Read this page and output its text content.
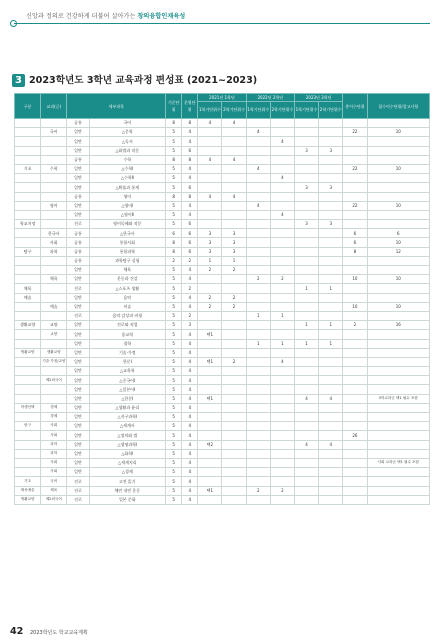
신앙과 정의로 건강하게 더불어 살아가는 창의융합인재육성
3 2023학년도 3학년 교육과정 편성표 (2021~2023)
구분	교과(군)	세부과목		기준단위	운영단위	2021년 1학년		2022년 2학년		2023년 3학년		총이수단위	필수이수단위/참고사항
						1학기단위수	2학기단위수	1학기단위수	2학기단위수	1학기단위수	2학기단위수		
		공통	국어	8	8	4	4						
	국어	일반	△문학	5	4			4				22	10
		일반	△독서	5	4				4				
		일반	△화법과 작문	5	6					3	3		
		공통	수학	8	8	4	4						
기초	수학	일반	△수학Ⅰ	5	4			4				22	10
		일반	△수학Ⅱ	5	4				4				
		일반	△확률과 통계	5	6					3	3		
		공통	영어	8	8	4	4						
	영어	일반	△영어Ⅰ	5	4			4				22	10
		일반	△영어Ⅱ	5	4				4				
학교지정		진로	영어독해와 작문	5	6					3	3		
	한국사	공통	△한국사	6	6	3	3					6	6
	사회	공통	통합사회	8	6	3	3					6	10
탐구	과학	공통	통합과학	8	6	3	3					8	12
		공통	과학탐구 실험	2	2	1	1						
		일반	체육	5	4	2	2						
	체육	일반	운동과 건강	5	4			2	2			10	10
체육		진로	△스포츠 생활	5	2					1	1		
예술		일반	음악	5	4	2	2						
	예술	일반	미술	5	4	2	2					10	10
		진로	음악 감상과 비평	5	2			1	1				
생활교양	교양	일반	진로와 직업	5	3					1	1	2	16
	교양	일반	종교학	5	4	택1							
		일반	철학	5	4			1	1	1	1		
생활교양	생활교양	일반	기술·가정	5	4								
	기술·가정/교양	일반	한문Ⅰ	5	4	택1	2		4				
		일반	△교육학	5	4								
	제2외국어	일반	△중국어Ⅰ	5	4								
		일반	△일본어Ⅰ	5	4								
		일반	△한문Ⅰ	5	4	택1				4	4		3학교과군 택1 필수 포함
학생선택	경제	일반	△생활과 윤리	5	4								
	경제	일반	△지구과학Ⅰ	5	4								
탐구	사회	일반	△세계사	5	4								
	사회	일반	△정치와 법	5	4							26	
	과학	일반	△생명과학Ⅰ	5	4	택2				4	4		
	과학	일반	△화학Ⅰ	5	4								
	사회	일반	△세계지리	5	4								사회 교과군 택1 필수 포함
	사회	일반	△경제	5	4								
기초	국어	진로	고전 읽기	5	4								
체육예술	체육	진로	체련 내빈 운동	5	4	택1		2	2				
생활교양	제2외국어	진로	일본 문화	5	4								
42 2023학년도 학교교육계획
